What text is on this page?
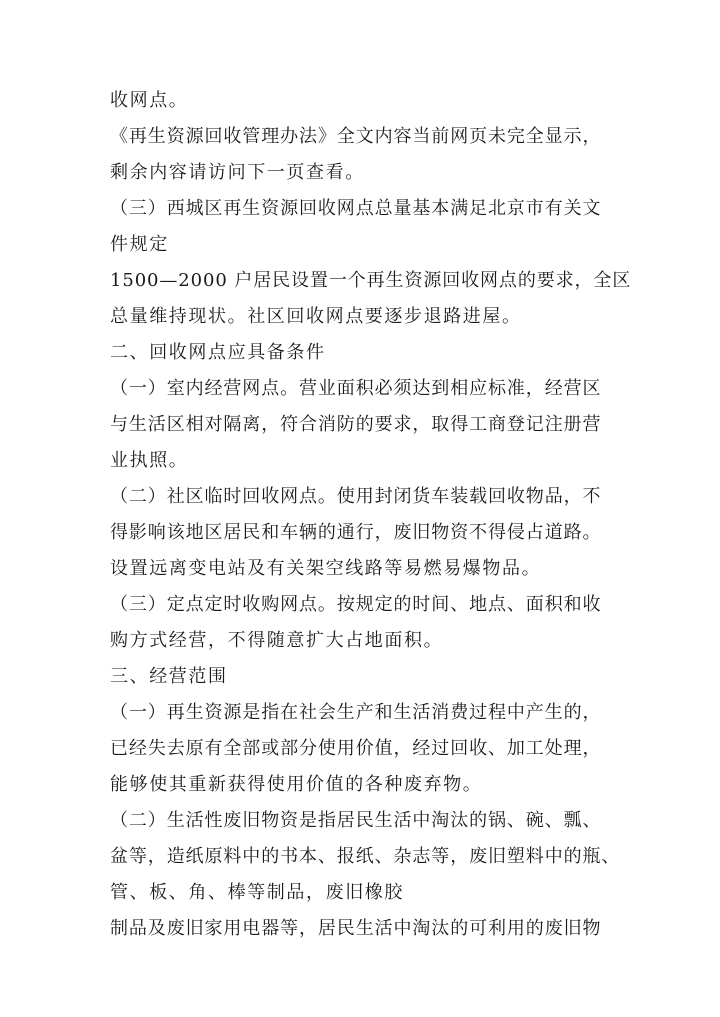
收网点。
《再生资源回收管理办法》全文内容当前网页未完全显示，
剩余内容请访问下一页查看。
（三）西城区再生资源回收网点总量基本满足北京市有关文
件规定
1500—2000 户居民设置一个再生资源回收网点的要求，全区
总量维持现状。社区回收网点要逐步退路进屋。
二、回收网点应具备条件
（一）室内经营网点。营业面积必须达到相应标准，经营区
与生活区相对隔离，符合消防的要求，取得工商登记注册营
业执照。
（二）社区临时回收网点。使用封闭货车装载回收物品，不
得影响该地区居民和车辆的通行，废旧物资不得侵占道路。
设置远离变电站及有关架空线路等易燃易爆物品。
（三）定点定时收购网点。按规定的时间、地点、面积和收
购方式经营，不得随意扩大占地面积。
三、经营范围
（一）再生资源是指在社会生产和生活消费过程中产生的，
已经失去原有全部或部分使用价值，经过回收、加工处理，
能够使其重新获得使用价值的各种废弃物。
（二）生活性废旧物资是指居民生活中淘汰的锅、碗、瓢、
盆等，造纸原料中的书本、报纸、杂志等，废旧塑料中的瓶、
管、板、角、棒等制品，废旧橡胶
制品及废旧家用电器等，居民生活中淘汰的可利用的废旧物
